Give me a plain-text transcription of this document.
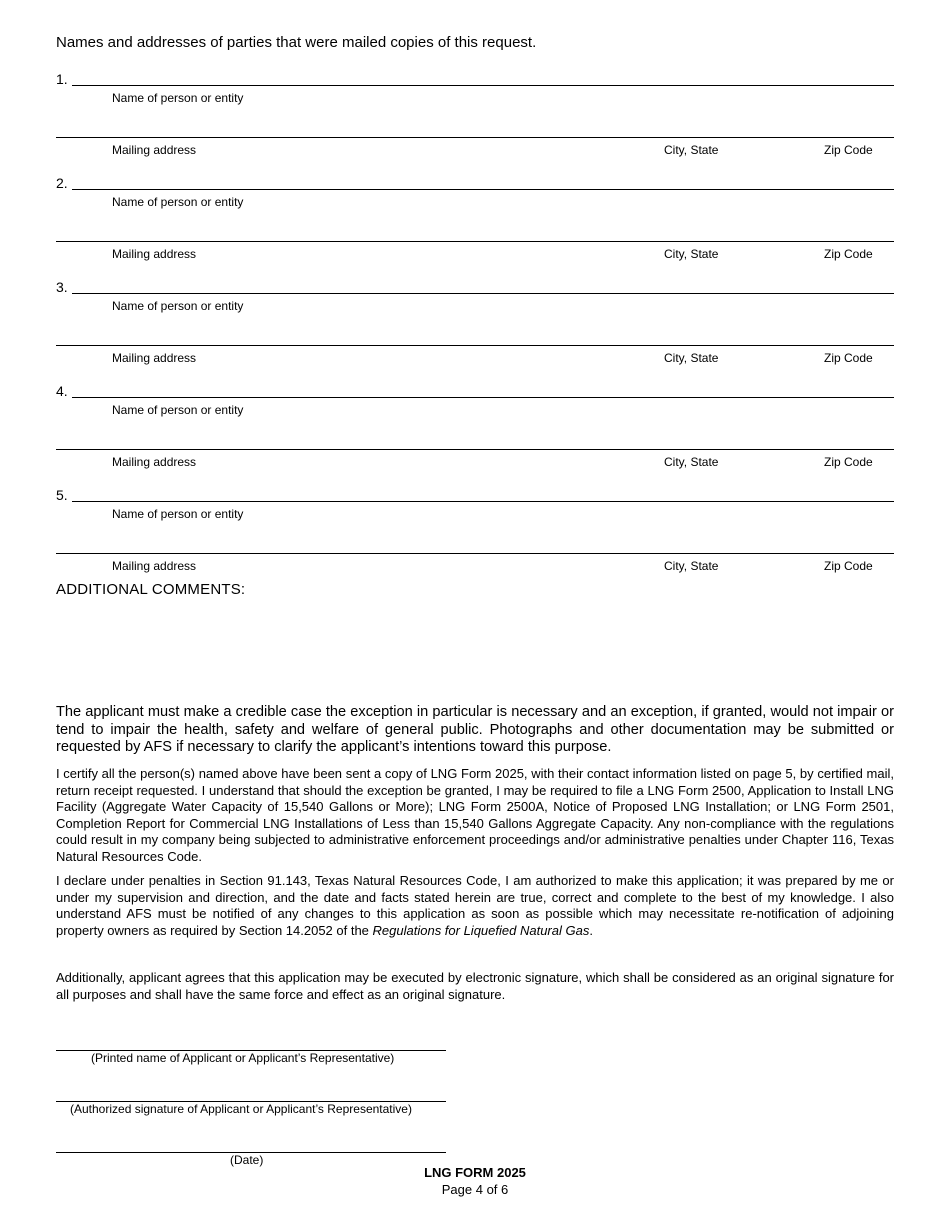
Names and addresses of parties that were mailed copies of this request.
1.
Name of person or entity
Mailing address	City, State	Zip Code
2.
Name of person or entity
Mailing address	City, State	Zip Code
3.
Name of person or entity
Mailing address	City, State	Zip Code
4.
Name of person or entity
Mailing address	City, State	Zip Code
5.
Name of person or entity
Mailing address	City, State	Zip Code
ADDITIONAL COMMENTS:
The applicant must make a credible case the exception in particular is necessary and an exception, if granted, would not impair or tend to impair the health, safety and welfare of general public. Photographs and other documentation may be submitted or requested by AFS if necessary to clarify the applicant’s intentions toward this purpose.
I certify all the person(s) named above have been sent a copy of LNG Form 2025, with their contact information listed on page 5, by certified mail, return receipt requested. I understand that should the exception be granted, I may be required to file a LNG Form 2500, Application to Install LNG Facility (Aggregate Water Capacity of 15,540 Gallons or More); LNG Form 2500A, Notice of Proposed LNG Installation; or LNG Form 2501, Completion Report for Commercial LNG Installations of Less than 15,540 Gallons Aggregate Capacity. Any non-compliance with the regulations could result in my company being subjected to administrative enforcement proceedings and/or administrative penalties under Chapter 116, Texas Natural Resources Code.
I declare under penalties in Section 91.143, Texas Natural Resources Code, I am authorized to make this application; it was prepared by me or under my supervision and direction, and the date and facts stated herein are true, correct and complete to the best of my knowledge. I also understand AFS must be notified of any changes to this application as soon as possible which may necessitate re-notification of adjoining property owners as required by Section 14.2052 of the Regulations for Liquefied Natural Gas.
Additionally, applicant agrees that this application may be executed by electronic signature, which shall be considered as an original signature for all purposes and shall have the same force and effect as an original signature.
(Printed name of Applicant or Applicant’s Representative)
(Authorized signature of Applicant or Applicant’s Representative)
(Date)
LNG FORM 2025
Page 4 of 6
